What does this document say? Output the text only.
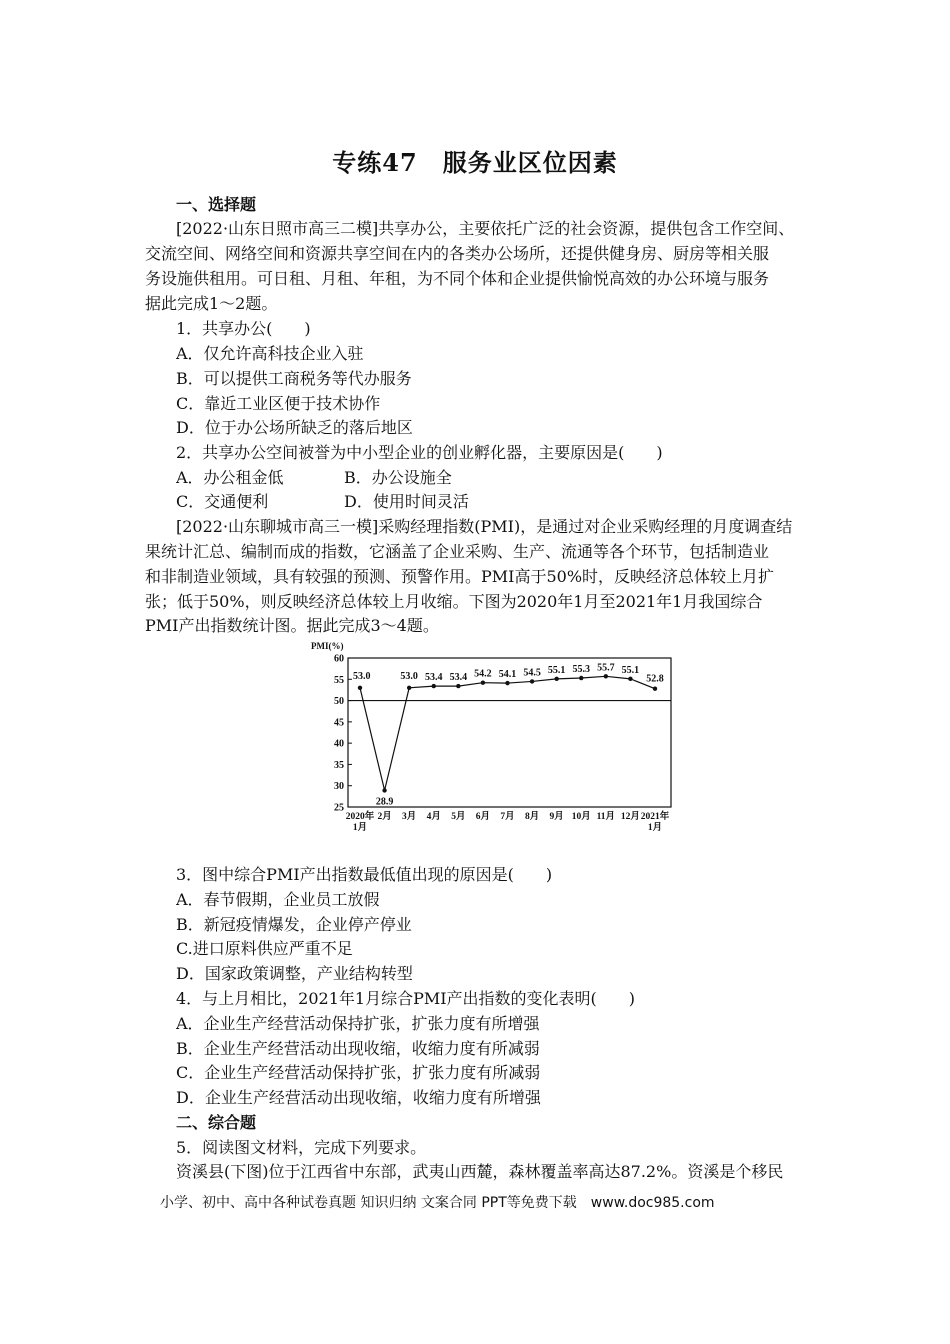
专练47　服务业区位因素
一、选择题
[2022·山东日照市高三二模]共享办公，主要依托广泛的社会资源，提供包含工作空间、
交流空间、网络空间和资源共享空间在内的各类办公场所，还提供健身房、厨房等相关服
务设施供租用。可日租、月租、年租，为不同个体和企业提供愉悦高效的办公环境与服务
据此完成1～2题。
1．共享办公(　　)
A．仅允许高科技企业入驻
B．可以提供工商税务等代办服务
C．靠近工业区便于技术协作
D．位于办公场所缺乏的落后地区
2．共享办公空间被誉为中小型企业的创业孵化器，主要原因是(　　)
A．办公租金低	B．办公设施全
C．交通便利	D．使用时间灵活
[2022·山东聊城市高三一模]采购经理指数(PMI)，是通过对企业采购经理的月度调查结
果统计汇总、编制而成的指数，它涵盖了企业采购、生产、流通等各个环节，包括制造业
和非制造业领域，具有较强的预测、预警作用。PMI高于50%时，反映经济总体较上月扩
张；低于50%，则反映经济总体较上月收缩。下图为2020年1月至2021年1月我国综合
PMI产出指数统计图。据此完成3～4题。
PMI(%)
25
30
35
40
45
50
55
60
53.0
28.9
53.0 53.4 53.4 54.2 54.1 54.5 55.1 55.3 55.7 55.1
52.8
2020年
1月
2月 3月 4月 5月 6月 7月 8月 9月 10月 11月 12月 2021年
1月
3．图中综合PMI产出指数最低值出现的原因是(　　)
A．春节假期，企业员工放假
B．新冠疫情爆发，企业停产停业
C.进口原料供应严重不足
D．国家政策调整，产业结构转型
4．与上月相比，2021年1月综合PMI产出指数的变化表明(　　)
A．企业生产经营活动保持扩张，扩张力度有所增强
B．企业生产经营活动出现收缩，收缩力度有所减弱
C．企业生产经营活动保持扩张，扩张力度有所减弱
D．企业生产经营活动出现收缩，收缩力度有所增强
二、综合题
5．阅读图文材料，完成下列要求。
资溪县(下图)位于江西省中东部，武夷山西麓，森林覆盖率高达87.2%。资溪是个移民
小学、初中、高中各种试卷真题 知识归纳 文案合同 PPT等免费下载 www.doc985.com
